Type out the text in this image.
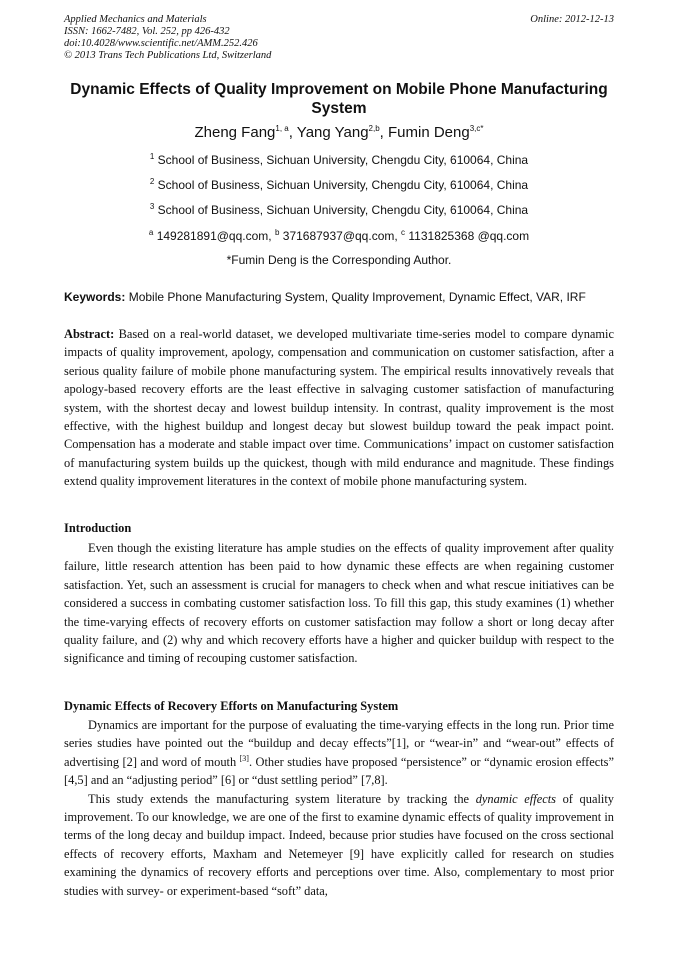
Applied Mechanics and Materials
ISSN: 1662-7482, Vol. 252, pp 426-432
doi:10.4028/www.scientific.net/AMM.252.426
© 2013 Trans Tech Publications Ltd, Switzerland
Online: 2012-12-13
Dynamic Effects of Quality Improvement on Mobile Phone Manufacturing System
Zheng Fang$^{1, a}$, Yang Yang$^{2,b}$, Fumin Deng$^{3,c*}$
$^1$ School of Business, Sichuan University, Chengdu City, 610064, China
$^2$ School of Business, Sichuan University, Chengdu City, 610064, China
$^3$ School of Business, Sichuan University, Chengdu City, 610064, China
$^a$ 149281891@qq.com, $^b$ 371687937@qq.com, $^c$ 1131825368 @qq.com
*Fumin Deng is the Corresponding Author.
Keywords: Mobile Phone Manufacturing System, Quality Improvement, Dynamic Effect, VAR, IRF

Abstract: Based on a real-world dataset, we developed multivariate time-series model to compare dynamic impacts of quality improvement, apology, compensation and communication on customer satisfaction, after a serious quality failure of mobile phone manufacturing system. The empirical results innovatively reveals that apology-based recovery efforts are the least effective in salvaging customer satisfaction of manufacturing system, with the shortest decay and lowest buildup intensity. In contrast, quality improvement is the most effective, with the highest buildup and longest decay but slowest buildup toward the peak impact point. Compensation has a moderate and stable impact over time. Communications’ impact on customer satisfaction of manufacturing system builds up the quickest, though with mild endurance and magnitude. These findings extend quality improvement literatures in the context of mobile phone manufacturing system.

Introduction

Even though the existing literature has ample studies on the effects of quality improvement after quality failure, little research attention has been paid to how dynamic these effects are when regaining customer satisfaction. Yet, such an assessment is crucial for managers to check when and what rescue initiatives can be considered a success in combating customer satisfaction loss. To fill this gap, this study examines (1) whether the time-varying effects of recovery efforts on customer satisfaction may follow a short or long decay after quality failure, and (2) why and which recovery efforts have a higher and quicker buildup with respect to the significance and timing of recouping customer satisfaction.

Dynamic Effects of Recovery Efforts on Manufacturing System

Dynamics are important for the purpose of evaluating the time-varying effects in the long run. Prior time series studies have pointed out the “buildup and decay effects”[1], or “wear-in” and “wear-out” effects of advertising [2] and word of mouth [3]. Other studies have proposed “persistence” or “dynamic erosion effects” [4,5] and an “adjusting period” [6] or “dust settling period” [7,8].

This study extends the manufacturing system literature by tracking the dynamic effects of quality improvement. To our knowledge, we are one of the first to examine dynamic effects of quality improvement in terms of the long decay and buildup impact. Indeed, because prior studies have focused on the cross sectional effects of recovery efforts, Maxham and Netemeyer [9] have explicitly called for research on studies examining the dynamics of recovery efforts and perceptions over time. Also, complementary to most prior studies with survey- or experiment-based “soft” data,
